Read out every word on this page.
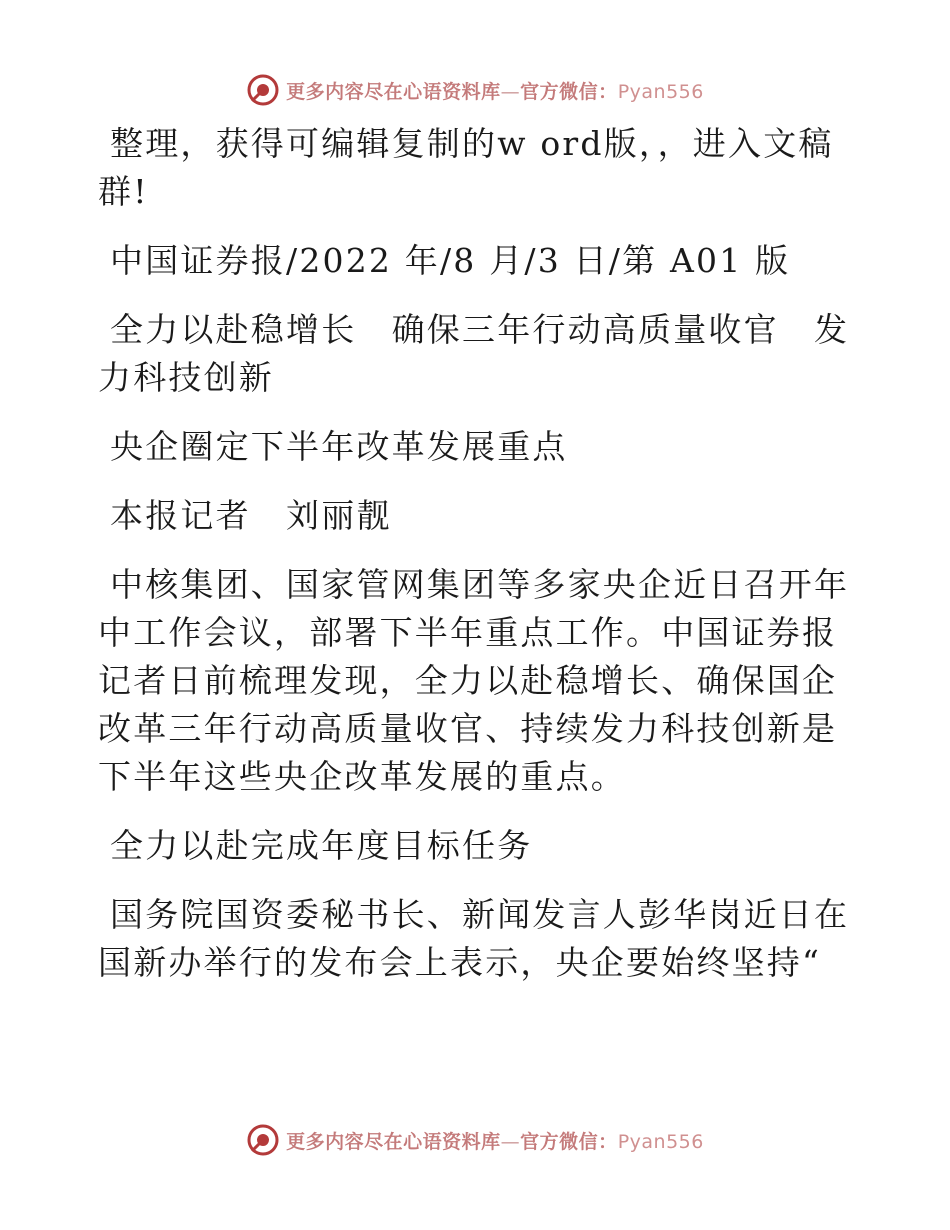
更多内容尽在心语资料库—官方微信：Pyan556

整理，获得可编辑复制的w ord版，，进入文稿群!

中国证券报/2022 年/8 月/3 日/第 A01 版

全力以赴稳增长　确保三年行动高质量收官　发力科技创新

央企圈定下半年改革发展重点

本报记者　刘丽靓

中核集团、国家管网集团等多家央企近日召开年中工作会议，部署下半年重点工作。中国证券报记者日前梳理发现，全力以赴稳增长、确保国企改革三年行动高质量收官、持续发力科技创新是下半年这些央企改革发展的重点。

全力以赴完成年度目标任务

国务院国资委秘书长、新闻发言人彭华岗近日在国新办举行的发布会上表示，央企要始终坚持“

更多内容尽在心语资料库—官方微信：Pyan556
